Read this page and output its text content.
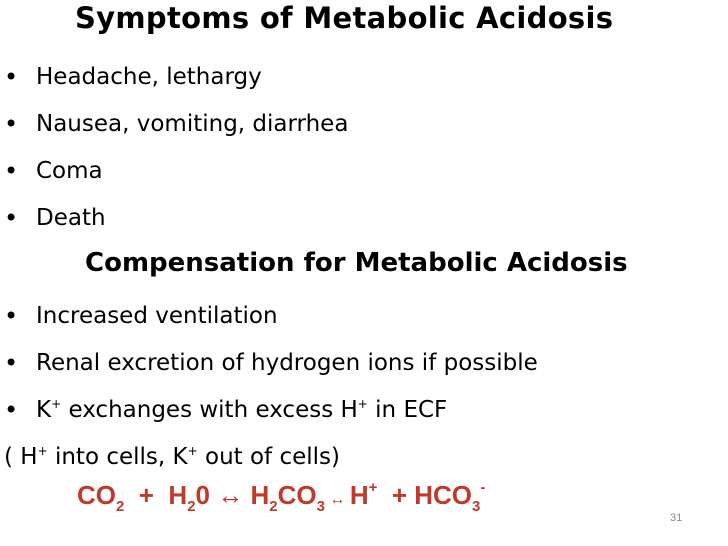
Symptoms of Metabolic Acidosis
• Headache, lethargy
• Nausea, vomiting, diarrhea
• Coma
• Death
Compensation for Metabolic Acidosis
• Increased ventilation
• Renal excretion of hydrogen ions if possible
• K+ exchanges with excess H+ in ECF
( H+ into cells, K+ out of cells)
$CO_2 + H_20$ ↔ $H_2CO_3$ ↔ $H^+ + HCO_3^-$
31
